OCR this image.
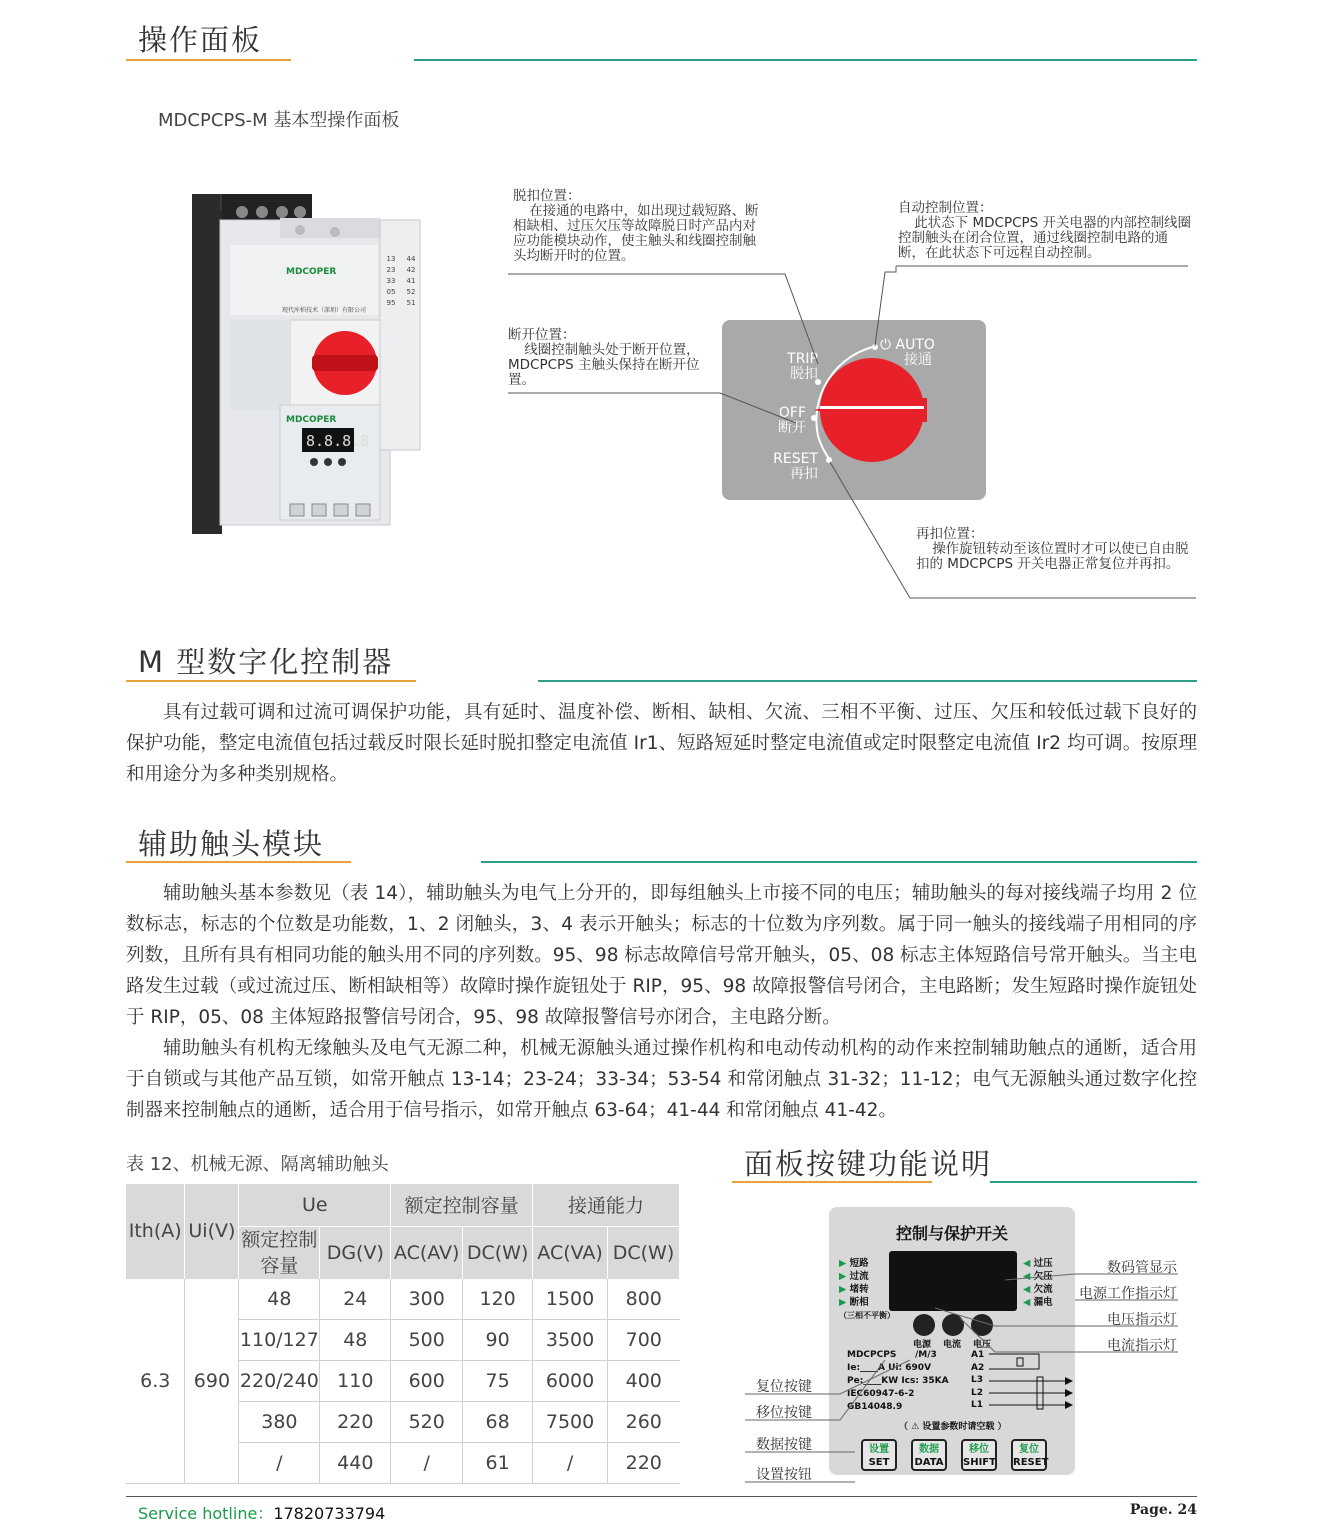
操作面板
MDCPCPS-M 基本型操作面板
MDCOPER
现代库柏技术（深圳）有限公司
MDCOPER
8.8.8.8
13
23
33
05
95
44
42
41
52
51
TRIP
脱扣
OFF
断开
RESET
再扣
⏻ AUTO
接通
脱扣位置：
在接通的电路中，如出现过载短路、断相缺相、过压欠压等故障脱日时产品内对应功能模块动作，使主触头和线圈控制触头均断开时的位置。
自动控制位置：
此状态下 MDCPCPS 开关电器的内部控制线圈控制触头在闭合位置，通过线圈控制电路的通断，在此状态下可远程自动控制。
断开位置：
线圈控制触头处于断开位置，MDCPCPS 主触头保持在断开位置。
再扣位置：
操作旋钮转动至该位置时才可以使已自由脱扣的 MDCPCPS 开关电器正常复位并再扣。
M 型数字化控制器

具有过载可调和过流可调保护功能，具有延时、温度补偿、断相、缺相、欠流、三相不平衡、过压、欠压和较低过载下良好的保护功能，整定电流值包括过载反时限长延时脱扣整定电流值 Ir1、短路短延时整定电流值或定时限整定电流值 Ir2 均可调。按原理和用途分为多种类别规格。

辅助触头模块

辅助触头基本参数见（表 14），辅助触头为电气上分开的，即每组触头上市接不同的电压；辅助触头的每对接线端子均用 2 位数标志，标志的个位数是功能数，1、2 闭触头，3、4 表示开触头；标志的十位数为序列数。属于同一触头的接线端子用相同的序列数，且所有具有相同功能的触头用不同的序列数。95、98 标志故障信号常开触头，05、08 标志主体短路信号常开触头。当主电路发生过载（或过流过压、断相缺相等）故障时操作旋钮处于 RIP，95、98 故障报警信号闭合，主电路断；发生短路时操作旋钮处于 RIP，05、08 主体短路报警信号闭合，95、98 故障报警信号亦闭合，主电路分断。

辅助触头有机构无缘触头及电气无源二种，机械无源触头通过操作机构和电动传动机构的动作来控制辅助触点的通断，适合用于自锁或与其他产品互锁，如常开触点 13-14；23-24；33-34；53-54 和常闭触点 31-32；11-12；电气无源触头通过数字化控制器来控制触点的通断，适合用于信号指示，如常开触点 63-64；41-44 和常闭触点 41-42。

表 12、机械无源、隔离辅助触头
Ith(A)	Ui(V)	Ue		额定控制容量		接通能力	
		额定控制容量	DG(V)	AC(AV)	DC(W)	AC(VA)	DC(W)
6.3	690	48	24	300	120	1500	800
		110/127	48	500	90	3500	700
		220/240	110	600	75	6000	400
		380	220	520	68	7500	260
		/	440	/	61	/	220
面板按键功能说明
控制与保护开关
▶ 短路
▶ 过流
▶ 堵转
▶ 断相
（三相不平衡）
◀ 过压
◀ 欠压
◀ 欠流
◀ 漏电
电源 电流 电压
MDCPCPS /M/3
Ie:____A Ui: 690V
Pe:____KW Ics: 35KA
IEC60947-6-2
GB14048.9
（ ⚠ 设置参数时请空载 ）
A1
A2
L3
L2
L1
设置
SET
数据
DATA
移位
SHIFT
复位
RESET
数码管显示
电源工作指示灯
电压指示灯
电流指示灯
复位按键
移位按键
数据按键
设置按钮
Service hotline：17820733794	Page. 24
